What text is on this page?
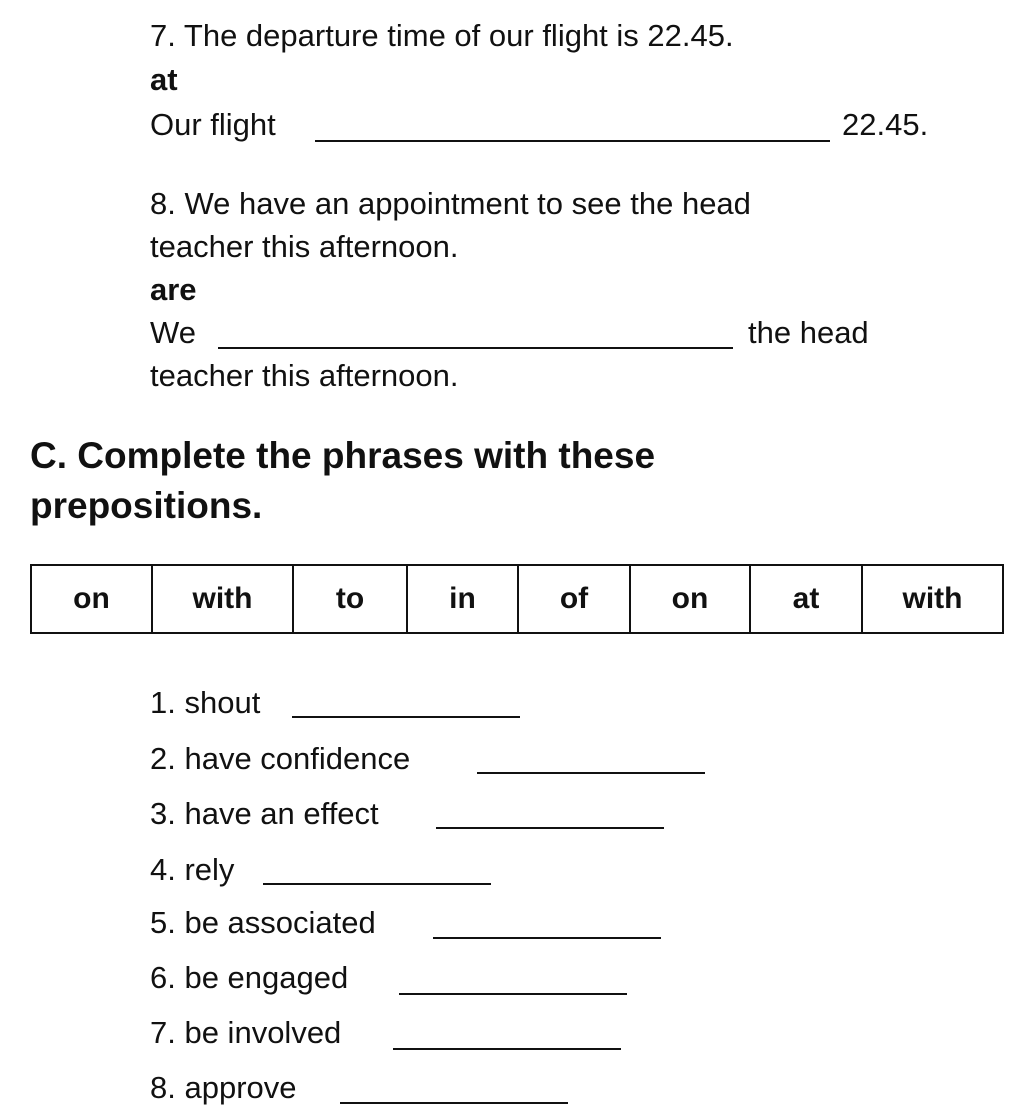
7. The departure time of our flight is 22.45.
at
Our flight	22.45.
8. We have an appointment to see the head
teacher this afternoon.
are
We	the head
teacher this afternoon.
C. Complete the phrases with these
prepositions.
on	with	to	in	of	on	at	with
1. shout
2. have confidence
3. have an effect
4. rely
5. be associated
6. be engaged
7. be involved
8. approve
